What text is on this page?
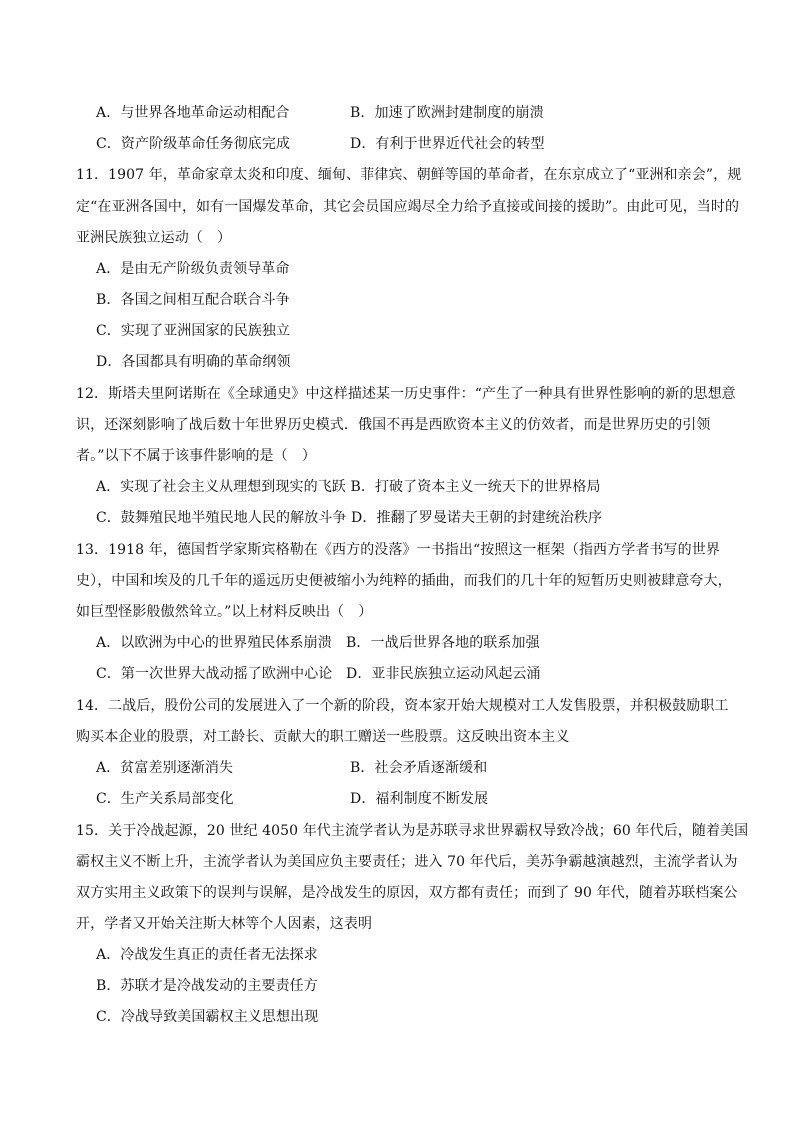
A．与世界各地革命运动相配合	B．加速了欧洲封建制度的崩溃
C．资产阶级革命任务彻底完成	D．有利于世界近代社会的转型
11．1907 年，革命家章太炎和印度、缅甸、菲律宾、朝鲜等国的革命者，在东京成立了“亚洲和亲会”，规
定“在亚洲各国中，如有一国爆发革命，其它会员国应竭尽全力给予直接或间接的援助”。由此可见，当时的
亚洲民族独立运动（　）
A．是由无产阶级负责领导革命
B．各国之间相互配合联合斗争
C．实现了亚洲国家的民族独立
D．各国都具有明确的革命纲领
12．斯塔夫里阿诺斯在《全球通史》中这样描述某一历史事件：“产生了一种具有世界性影响的新的思想意
识，还深刻影响了战后数十年世界历史模式．俄国不再是西欧资本主义的仿效者，而是世界历史的引领
者。”以下不属于该事件影响的是（　）
A．实现了社会主义从理想到现实的飞跃 B．打破了资本主义一统天下的世界格局
C．鼓舞殖民地半殖民地人民的解放斗争 D．推翻了罗曼诺夫王朝的封建统治秩序
13．1918 年，德国哲学家斯宾格勒在《西方的没落》一书指出“按照这一框架（指西方学者书写的世界
史），中国和埃及的几千年的遥远历史便被缩小为纯粹的插曲，而我们的几十年的短暂历史则被肆意夸大，
如巨型怪影般傲然耸立。”以上材料反映出（　）
A．以欧洲为中心的世界殖民体系崩溃 B．一战后世界各地的联系加强
C．第一次世界大战动摇了欧洲中心论 D．亚非民族独立运动风起云涌
14．二战后，股份公司的发展进入了一个新的阶段，资本家开始大规模对工人发售股票，并积极鼓励职工
购买本企业的股票，对工龄长、贡献大的职工赠送一些股票。这反映出资本主义
A．贫富差别逐渐消失	B．社会矛盾逐渐缓和
C．生产关系局部变化	D．福利制度不断发展
15．关于冷战起源，20 世纪 4050 年代主流学者认为是苏联寻求世界霸权导致冷战；60 年代后，随着美国
霸权主义不断上升，主流学者认为美国应负主要责任；进入 70 年代后，美苏争霸越演越烈，主流学者认为
双方实用主义政策下的误判与误解，是冷战发生的原因，双方都有责任；而到了 90 年代，随着苏联档案公
开，学者又开始关注斯大林等个人因素，这表明
A．冷战发生真正的责任者无法探求
B．苏联才是冷战发动的主要责任方
C．冷战导致美国霸权主义思想出现
